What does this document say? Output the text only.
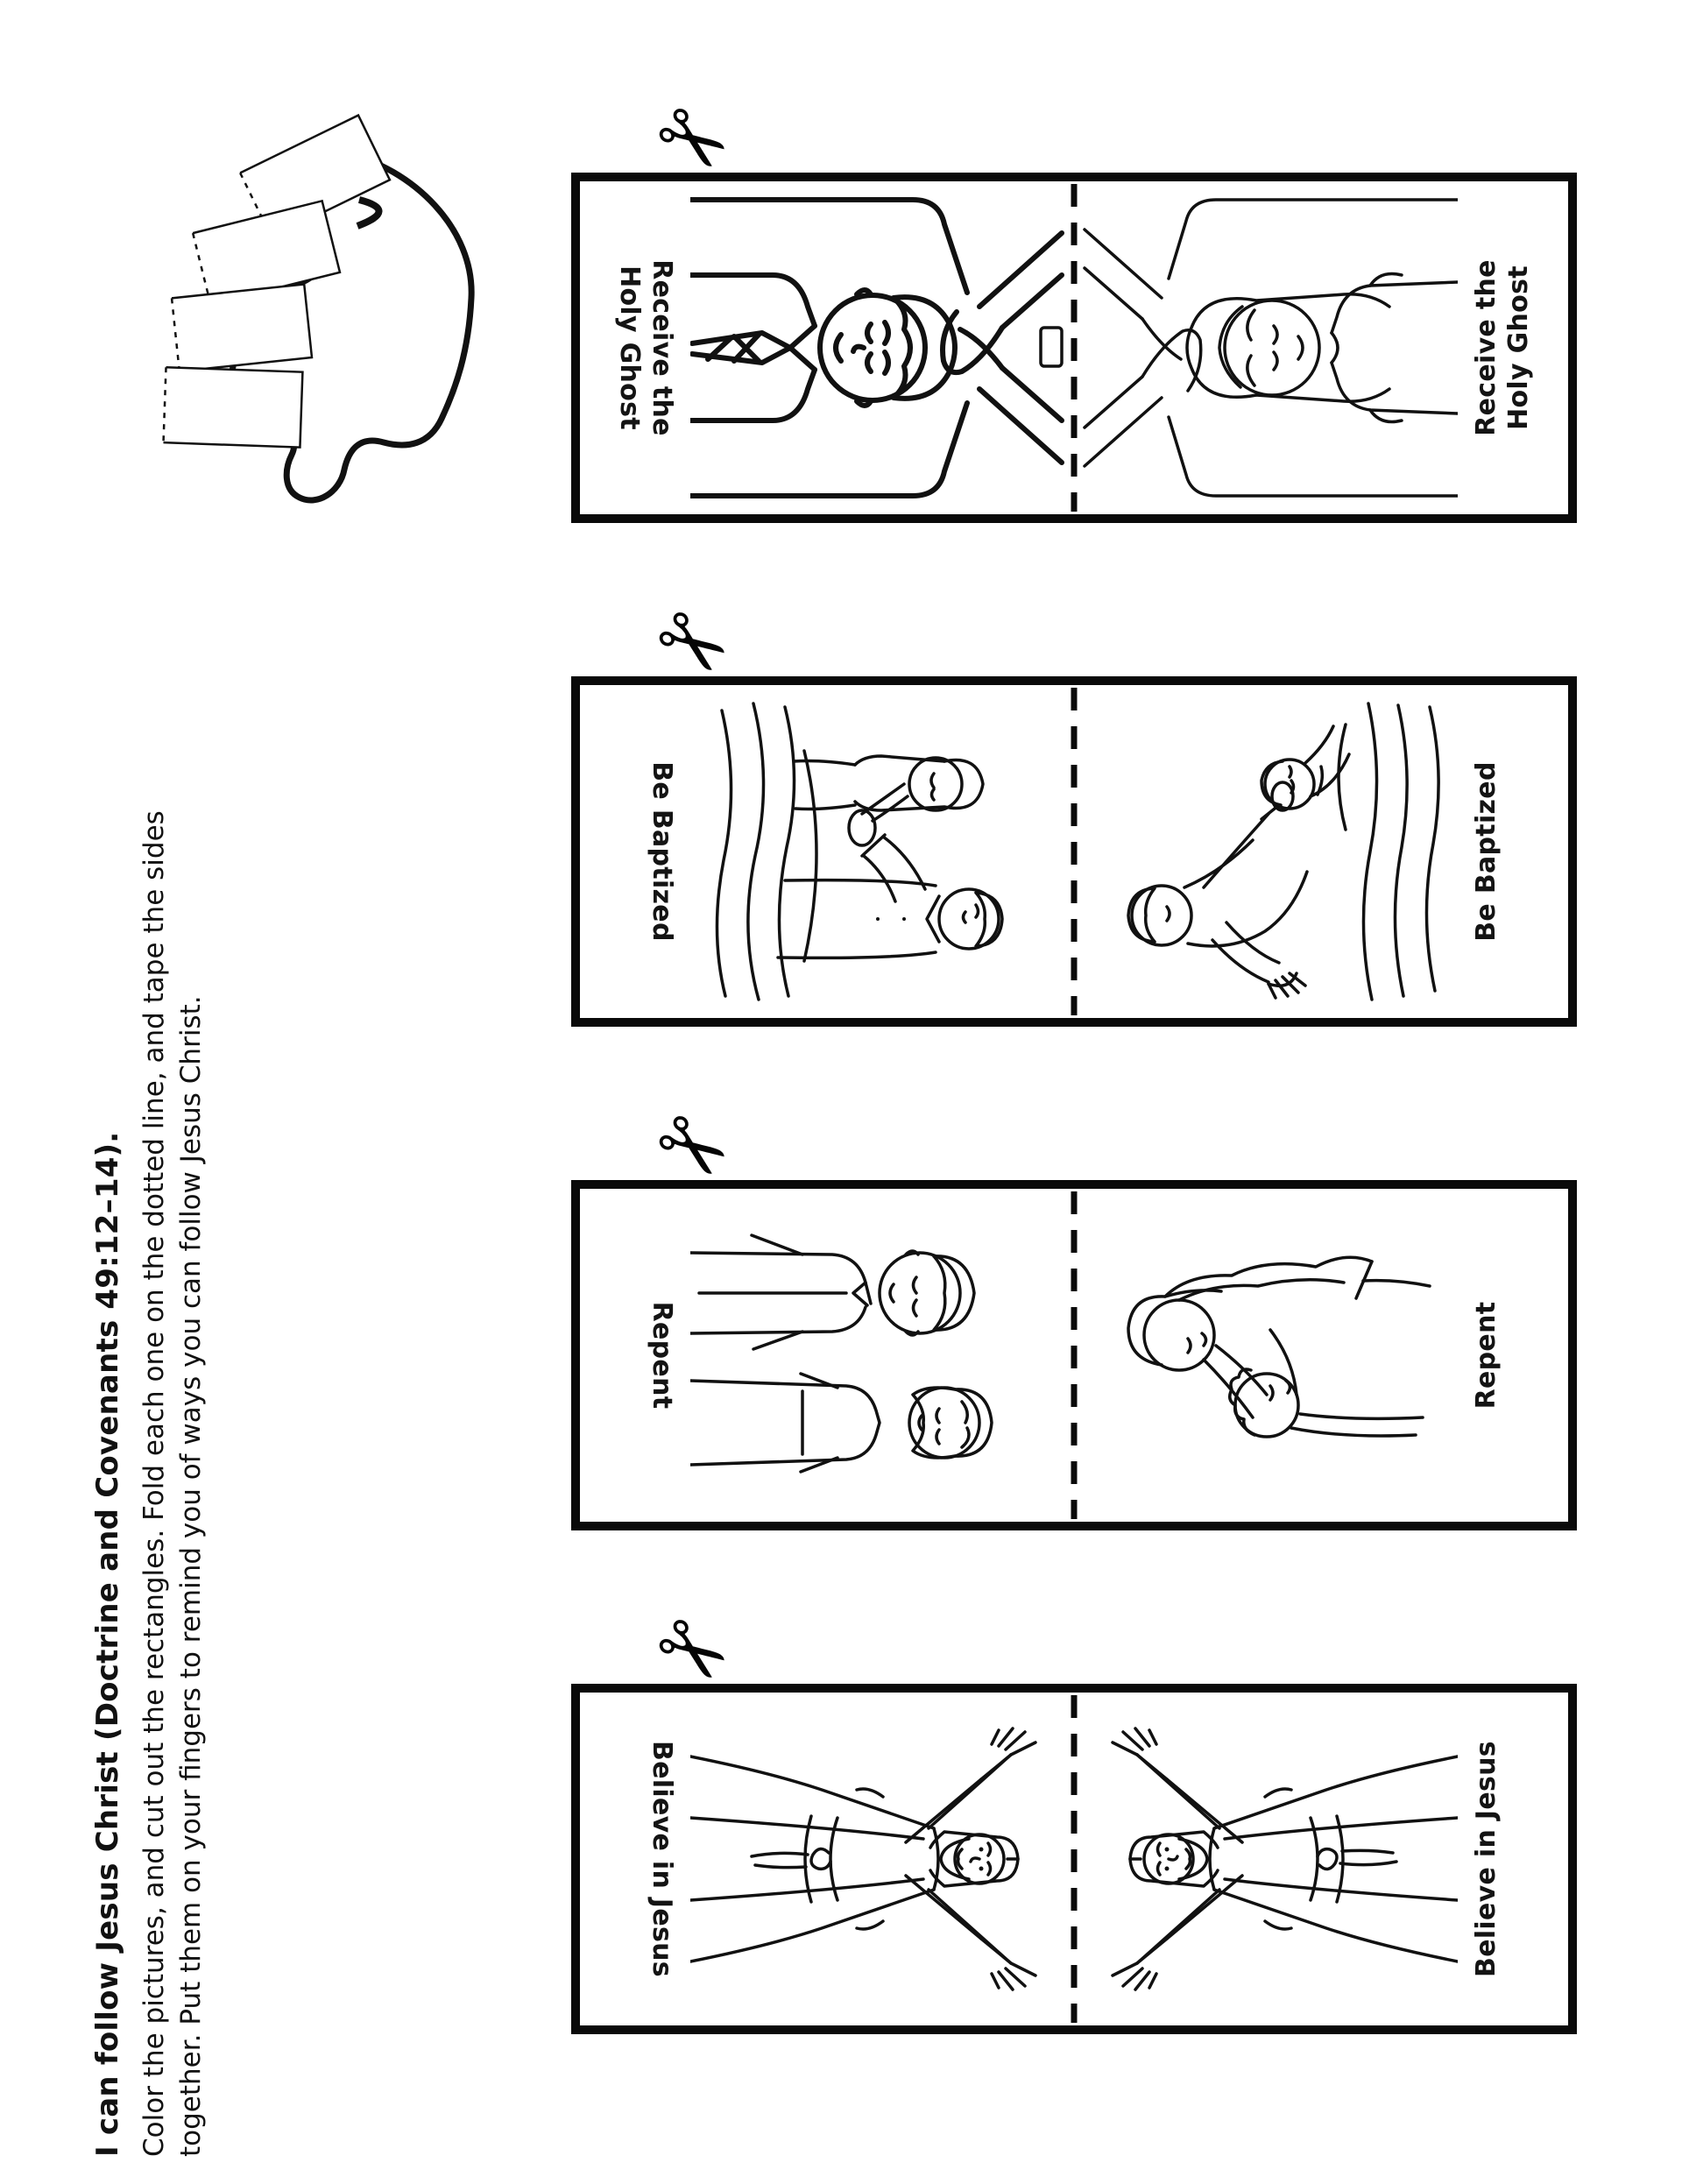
I can follow Jesus Christ (Doctrine and Covenants 49:12–14). Color the pictures, and cut out the rectangles. Fold each one on the dotted line, and tape the sides together. Put them on your fingers to remind you of ways you can follow Jesus Christ.

✂
Receive the
Holy Ghost	Receive the Holy Ghost
✂
Be Baptized	Be Baptized
✂
Repent	Repent
✂
Believe in Jesus	Believe in Jesus
